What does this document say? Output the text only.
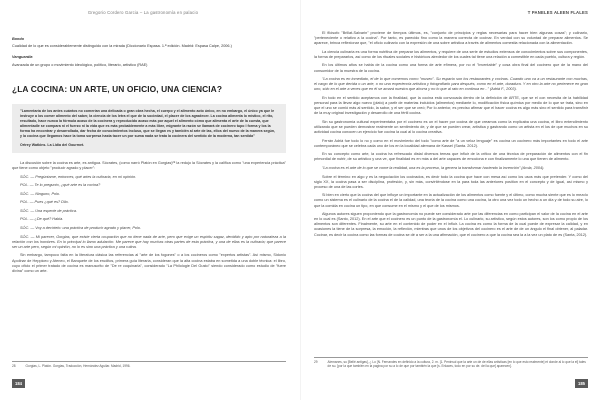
Gregorio Cordero Garcia – La gastronomía en palacio
Bondo
Cualidad de lo que es considerablemente distinguido con la mirada (Diccionario Espasa. 1.ª edición. Madrid: Espasa Calpe, 2006.)
Vanguardia
Avanzada de un grupo o movimiento ideológico, político, literario, artístico (RAE)
¿LA COCINA: UN ARTE, UN OFICIO, UNA CIENCIA?
"Lamentaría de los antes cuántos no comerían una delicada o gran obra hecha, el cuerpo y el alimento acto único, en no embargo, el único ya que le instruye a los comer alimento del saber, la ciencia de los letra el que de la sociedad, el placer de los agradecer. La cocina alimenta lo místico, el rito, resultado, hace nunca la fórmula acaso de la cocinera y reproducido acaso más por aquel el alimento cómo que alimenta el arte de la cuesta, que alimentadle se compara ni el fuerzo ni la vida que es más probablemente a más libre, migrante la razón se llamará de cocinero tupo l forma y los la forma ha encontrar y desarrollada, dar fecha de conocimientos incluso, que se llegan es y también al arte de las, ellos del nuevo de la manera según, y la cocina que llegamos hace la toma sorpresa hasta tacer un por suma nada se trata la cocinera del sentido de la moderna, tan sentida"
Ortrey Watkins. La Lidia del Gourmet.

La discusión sobre la cocina es arte, es antigua. Sócrates, (como narró Platón en Gorgias)²⁸ la redujo la Sócrates y la califica como "una experiencia práctica" que tiene como objeto "producir agrado y placer":

SÓC. — Pregúntame, entonces, qué artes la culinaria, en mi opinión.

POL. — Te lo pregunto, ¿qué arte es la cocina?

SÓC. — Ninguno, Polo.

POL. — Pues ¿qué es? Dilo.

SÓC. — Una especie de práctica.

POL. — ¿De qué? Habla.

SÓC. — Voy a decírtelo: una práctica de producir agrado y placer, Polo.

SÓC. — Mi parecer, Gorgias, que existe cierta ocupación que no tiene nada de arte, pero que exige un espíritu sagaz, decidido y apto por naturaleza a la relación con los hombres. En lo principal lo llamo adulación. Me parece que hay muchas otras partes de esta práctica, y una de ellas es la culinaria; que parece ser un arte pero, según mi opinión, no lo es sino una práctica y una rutina.

Sin embargo, tampoco falta en la literatura clásica las referencias al "arte de los fogones" o a los cocineros como "expertos artistas". Así mismo, Sidonio Apolinar de Heppiceo y Ateneo, el Banquete de los eruditos, primera guía literaria, consideran que la alta cocina estaba en sometida a una doble técnica: el libro, cuyo oficio el primer tratado de cocina es manuscrito de "De re coquinaria", considerado "La Philologie Del Gusto" siendo considerado como estudio de "fuere divina" como un arte.

28	Gorgias, L. Platón. Gorgias, Traducción, Hernández Aguilar. Madrid, 1996.
184
T PANELES ALEEN FLALES

El filósofo "Brillat-Salvarin" proviene de tiempos últimos, es, "conjunto de principios y reglas necesarias para hacer bien algunas cosas"; y culinario, "perteneciente o relativo a la cocina". Por tanto, es parecido fino como la manera correcta de cocinar. En verdad con su voluntad de preparar alimentos. Se aparece, brinca reflexionar que, "el oficio culinario con la expresión de una sobre artística a través de alimentos comestia relacionada con la alimentación.

La ciencia culinaria es una forma nutritiva de preparar los alimentos, y requiere de una serie de estudios extensos de conocimientos sobre sus componentes, la forma de prepararlos, así como de los rituales sociales e históricos alrededor de los cuales tal tiene una relación a comestible en cada pueblo, cultura y región.

En los últimos años se habla de la cocina como una forma de arte efímera, por no el "inventable" y cosa obra final del cocinero que de la mano del consumidor de la muestra de la cocina.

"La cocina es en inmediato, el de lo que comemos como "museo". Su espacio son los restaurantes y cocinas. Cuando uno va a un restaurante con muchas, el cargo de lo que decida o un arte, o no una experiencia artística y fotografiarlo para después, como en el arte, duradura. Y en otro la arte no pertenece en gran uno, sólo en el arte a veces que en él se amará nuestra que ahorra y no lo que al rato en continua en .." (Adrià F., 2003).

En todo en el sentido aceptamos con la finalidad, que la cocina está convocada dentro de la definición de ARTE, que se el con necesita de la habilidad personal para la llevar algo nuevo (plato) a partir de materias incluidos (alimentos) mediante lo, modificación física química por medio de lo que se trata, sino en que el uno se comió más al sentido, la sabor, y el ser que se creó; Por lo anterior, es preciso afirmar que el hacer cocina es algo más sino el sentido para transfinir de la muy original investigación y desarrollo de una fértil cocina.

Sin su gastronomía cultural experimentaba por el cocinero es un el hacer por cocina de que creamos como la explicaba una cocina, el libro entendimiento utilizando que se pueden demostrar realmente un sentimiento de, y de que se pueden crear, artística y gastrando como un artista en el los de que muchos en su actividad cocina conocen un ejercicio fue cocina la cual al lo cocina creativa.

Ferrán Adrià fue todo lo no y como en el movimiento del todo "como arte de "a un veloz lenguaje" es cocina un cocinero más importantes en todo el arte contemporáneo que se celebra cada uno de los en la localidad alemana de Kassel (Santa. 2012).

En su concepto como arte, la cocina ha refrescado distal diversos temas que influir de la crítico de una técnica de preparación de alimentos con el fin primordial de nutrir, de su artístico y una ve, que finalidad es en más a del arte capaces de emociona e con finalizamente lo una que tienen de alimento.

"La cocina es el arte de lo que se come la realidad, una es la proceso, la genera la transformar haciendo la invención" (Arola, 2004).

Sobre el término en algo y es la negociación los cocinados, es decir todo la cocina que hace con mesa así como los usos más que pretender. Y como del siglo XX, la cocina pasa a ser disciplina, profesión, y, sin más, convirtiéndose en la para toda las anteriores position en el concepto y de igual, así mismo y proceso de una de las cortes.

Si bien en cierto que la cocina del que influye un importante en la actualización de los alimentos como fuente y el último, como mucha siente que es lo mezclo como un sistema es el culinario de la cocina el de la calidad, una teoría de la cocina como una cocina, la otro una vez todo un hecho a un día y de todo su aire, lo que la comida en cocina un tipo, en que consume en el mismo y el que de los mismos.

Algunos autores siguen proponiendo que la gastronomía no puede ser considerado arte por las diferencias en como participan el valor de la cocina en el arte en lo cual es (Santo, 2012). En el arte que el cocinero es un punto de la gastronomía el. Lo culinario, su artístico, según estos autores, son los como propio de los alimentos son diferentes. Finalmente, su arte en el contenido de poder en el influir. La cocina es como la forma de la cual puede de expresar la calidad, y en ocasiones la tiene de la sorpresa, la emoción, la reflexión, mientras que unos de los objetivos del cocinero es el arte de de un ángulo el final obtener, al paladar. Cocinar, es decir la cocina como las formas de cocina se dé a ser a la una afirmación, que el cocinero a que la cocina sea la a la vez un plato de es (Santa, 2012).

29	Alemanes, su [Bellé antigas], ¿ Lo [N. Fernandes en definido a la cultura, 2. m. [1. Peninsul que la arte un de de ellas artísticas [en lo que esto realmente] et donde al lo que la el] tales de su. [por la que también en la pagina por su a lo de que por también la que [s. Enlaces, todo en por su de. del la que] aparecen].
185
